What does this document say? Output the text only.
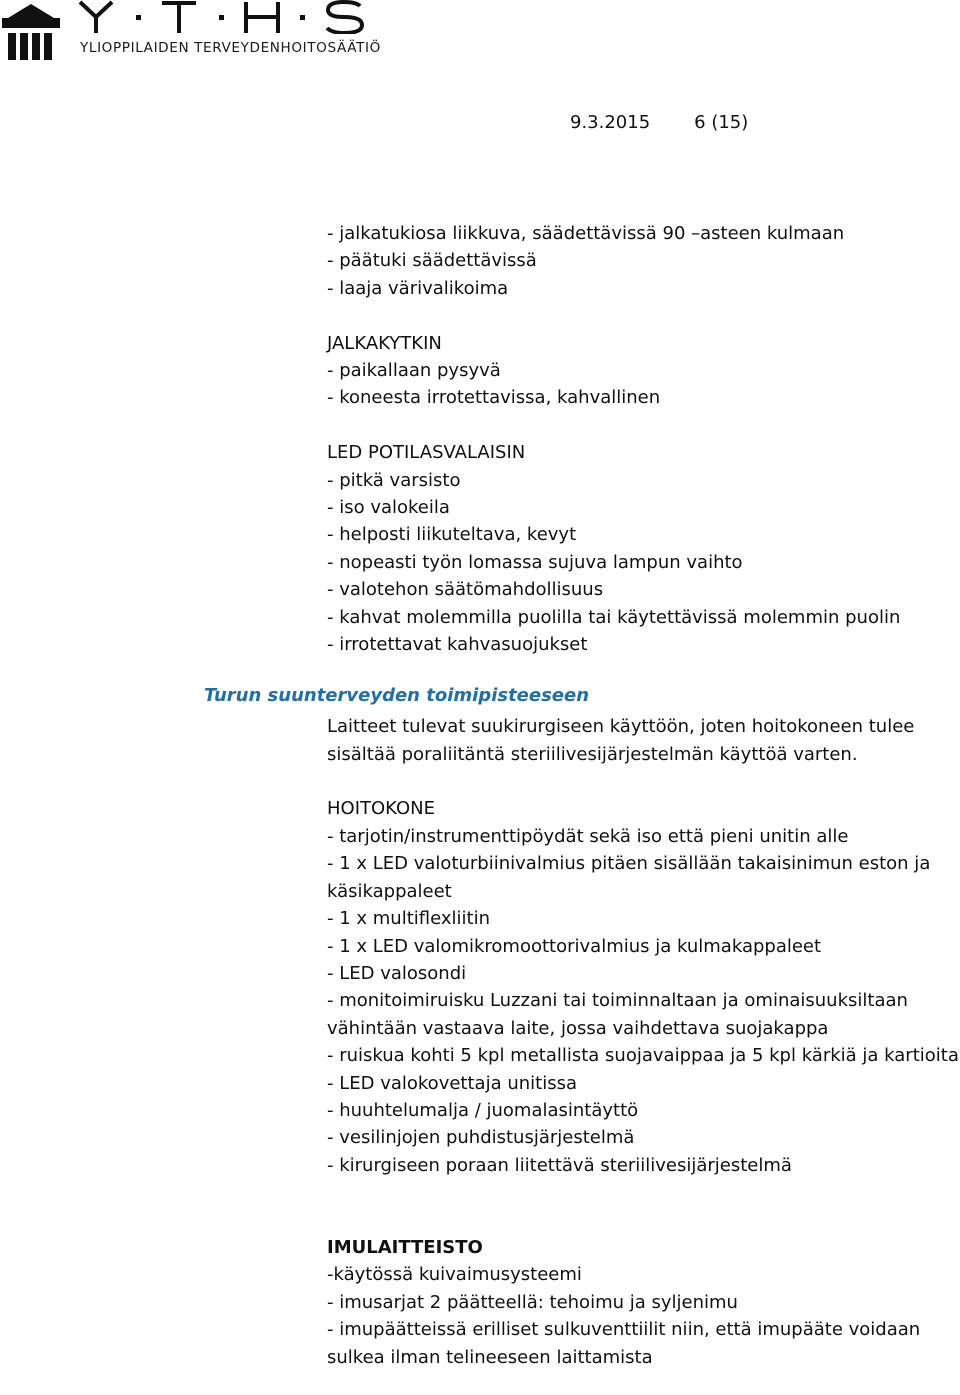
YLIOPPILAIDEN TERVEYDENHOITOSÄÄTIÖ
9.3.2015 6 (15)
Turun suunterveyden toimipisteeseen
- jalkatukiosa liikkuva, säädettävissä 90 –asteen kulmaan
- päätuki säädettävissä
- laaja värivalikoima
JALKAKYTKIN
- paikallaan pysyvä
- koneesta irrotettavissa, kahvallinen
LED POTILASVALAISIN
- pitkä varsisto
- iso valokeila
- helposti liikuteltava, kevyt
- nopeasti työn lomassa sujuva lampun vaihto
- valotehon säätömahdollisuus
- kahvat molemmilla puolilla tai käytettävissä molemmin puolin
- irrotettavat kahvasuojukset
Laitteet tulevat suukirurgiseen käyttöön, joten hoitokoneen tulee
sisältää poraliitäntä steriilivesijärjestelmän käyttöä varten.
HOITOKONE
- tarjotin/instrumenttipöydät sekä iso että pieni unitin alle
- 1 x LED valoturbiinivalmius pitäen sisällään takaisinimun eston ja
käsikappaleet
- 1 x multiflexliitin
- 1 x LED valomikromoottorivalmius ja kulmakappaleet
- LED valosondi
- monitoimiruisku Luzzani tai toiminnaltaan ja ominaisuuksiltaan
vähintään vastaava laite, jossa vaihdettava suojakappa
- ruiskua kohti 5 kpl metallista suojavaippaa ja 5 kpl kärkiä ja kartioita
- LED valokovettaja unitissa
- huuhtelumalja / juomalasintäyttö
- vesilinjojen puhdistusjärjestelmä
- kirurgiseen poraan liitettävä steriilivesijärjestelmä
IMULAITTEISTO
-käytössä kuivaimusysteemi
- imusarjat 2 päätteellä: tehoimu ja syljenimu
- imupäätteissä erilliset sulkuventtiilit niin, että imupääte voidaan
sulkea ilman telineeseen laittamista
